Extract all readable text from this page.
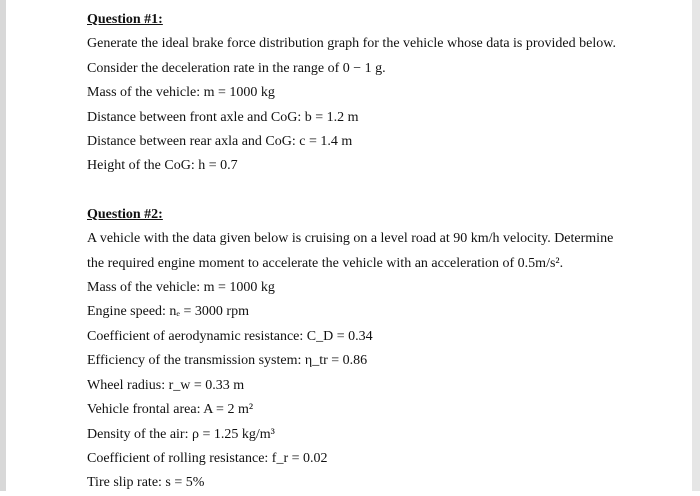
Question #1:
Generate the ideal brake force distribution graph for the vehicle whose data is provided below.
Consider the deceleration rate in the range of 0 − 1 g.
Mass of the vehicle: m = 1000 kg
Distance between front axle and CoG: b = 1.2 m
Distance between rear axla and CoG: c = 1.4 m
Height of the CoG: h = 0.7
Question #2:
A vehicle with the data given below is cruising on a level road at 90 km/h velocity. Determine
the required engine moment to accelerate the vehicle with an acceleration of 0.5m/s².
Mass of the vehicle: m = 1000 kg
Engine speed: nₑ = 3000 rpm
Coefficient of aerodynamic resistance: C_D = 0.34
Efficiency of the transmission system: η_tr = 0.86
Wheel radius: r_w = 0.33 m
Vehicle frontal area: A = 2 m²
Density of the air: ρ = 1.25 kg/m³
Coefficient of rolling resistance: f_r = 0.02
Tire slip rate: s = 5%
